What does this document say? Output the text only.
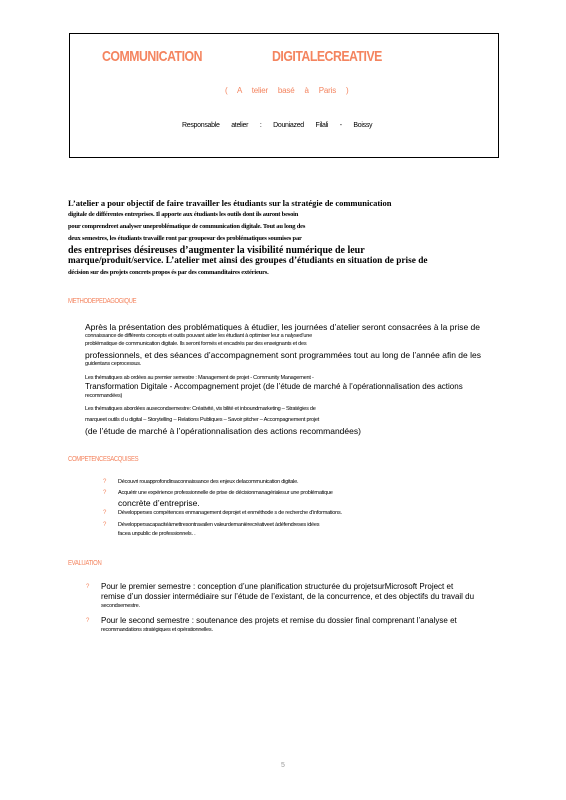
COMMUNICATION	DIGITALECREATIVE
( A telier basé à Paris )
Responsable atelier : Douniazed Filali - Boissy
L’atelier a pour objectif de faire travailler les étudiants sur la stratégie de communication
digitale de différentes entreprises. Il apporte aux étudiants les outils dont ils auront besoin
pour comprendreet analyser uneproblématique de communication digitale. Tout au long des
deux semestres, les étudiants travaille ront par groupesur des problématiques soumises par
des entreprises désireuses d’augmenter la visibilité numérique de leur
marque/produit/service. L’atelier met ainsi des groupes d’étudiants en situation de prise de
décision sur des projets concrets propos és par des commanditaires extérieurs.
METHODEPEDAGOGIQUE
Après la présentation des problématiques à étudier, les journées d’atelier seront consacrées à la prise de
connaissance de différents concepts et outils pouvant aider les étudiant à optimiser leur a nalysed’une
problématique de communication digitale. Ils seront formés et encadrés par des enseignants et des
professionnels, et des séances d’accompagnement sont programmées tout au long de l’année afin de les
guidentans ceprocessus.
Les thématiques ab ordées au premier semestre : Management de projet - Community Management -
Transformation Digitale - Accompagnement projet (de l’étude de marché à l’opérationnalisation des actions
recommandées)
Les thématiques abordées ausecondsemestre: Créativité, vis bilité et inboundmarketing – Stratégies de
marqueet outils d u digital – Storytelling – Relations Publiques – Savoir pitcher – Accompagnement projet
(de l’étude de marché à l’opérationnalisation des actions recommandées)
COMPETENCESACQUISES
? Découvri rouapprofondirsaconnaissance des enjeux delacommunication digitale.
? Acquérir une expérience professionnelle de prise de décisionmanagérialesur une problématique
concrète d’entreprise.
? Développerses compétences enmanagement deprojet et enméthode s de recherche d’informations.
? Développersacapacitéàmettresontravailen valeurdemanièrecréativeet àdéfendreses idées
facea unpublic de professionnels. .
EVALUATION
? Pour le premier semestre : conception d’une planification structurée du projetsurMicrosoft Project et
remise d’un dossier intermédiaire sur l’étude de l’existant, de la concurrence, et des objectifs du travail du
secondsemestre.
? Pour le second semestre : soutenance des projets et remise du dossier final comprenant l’analyse et
recommandations stratégiques et opérationnelles.
5
